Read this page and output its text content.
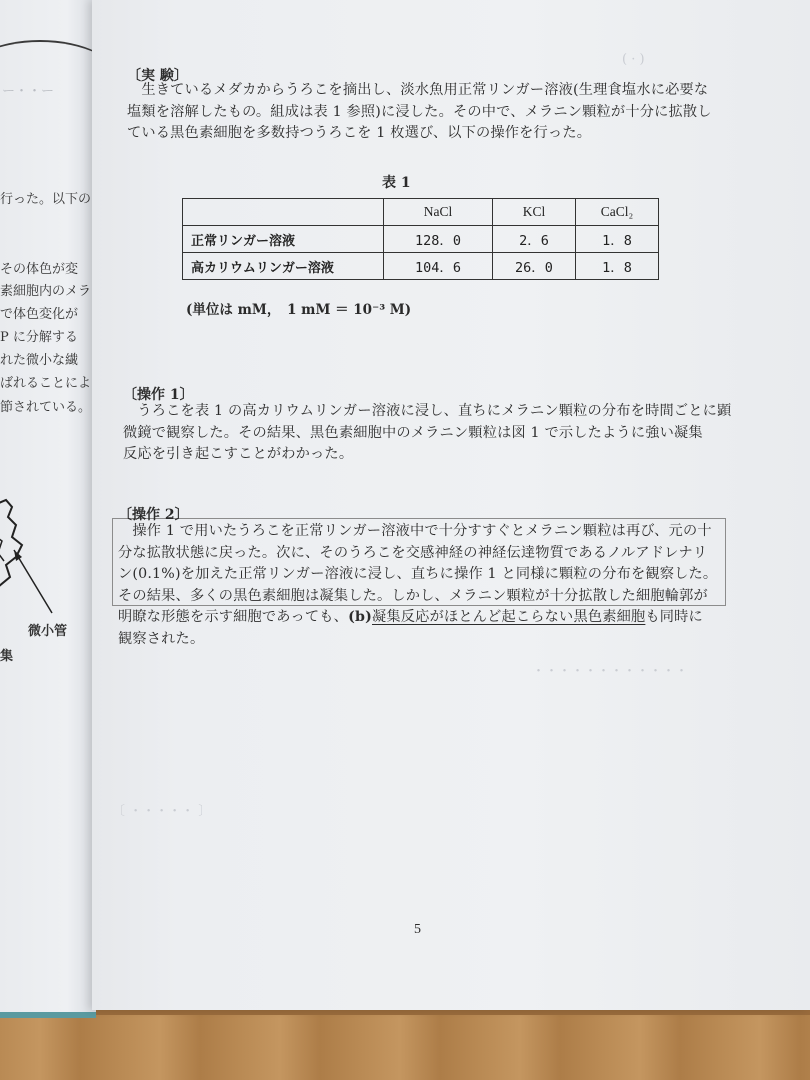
ー・・ー
行った。以下の
その体色が変
素細胞内のメラ
で体色変化が
P に分解する
れた微小な繊
ばれることによ
節されている。
微小管
集
( · )
・・・・・・・・・・・・
〔 ・・・・・ 〕
〔実 験〕

　生きているメダカからうろこを摘出し、淡水魚用正常リンガー溶液(生理食塩水に必要な

塩類を溶解したもの。組成は表 1 参照)に浸した。その中で、メラニン顆粒が十分に拡散し

ている黒色素細胞を多数持つうろこを 1 枚選び、以下の操作を行った。

表 1
	NaCl	KCl	CaCl₂
正常リンガー溶液	128．0	2．6	1．8
高カリウムリンガー溶液	104．6	26．0	1．8
(単位は mM，　1 mM ＝ 10⁻³ M)
〔操作 1〕

　うろこを表 1 の高カリウムリンガー溶液に浸し、直ちにメラニン顆粒の分布を時間ごとに顕

微鏡で観察した。その結果、黒色素細胞中のメラニン顆粒は図 1 で示したように強い凝集

反応を引き起こすことがわかった。

〔操作 2〕

　操作 1 で用いたうろこを正常リンガー溶液中で十分すすぐとメラニン顆粒は再び、元の十

分な拡散状態に戻った。次に、そのうろこを交感神経の神経伝達物質であるノルアドレナリ

ン(0.1%)を加えた正常リンガー溶液に浸し、直ちに操作 1 と同様に顆粒の分布を観察した。

その結果、多くの黒色素細胞は凝集した。しかし、メラニン顆粒が十分拡散した細胞輪郭が

明瞭な形態を示す細胞であっても、(b)凝集反応がほとんど起こらない黒色素細胞も同時に

観察された。

5
